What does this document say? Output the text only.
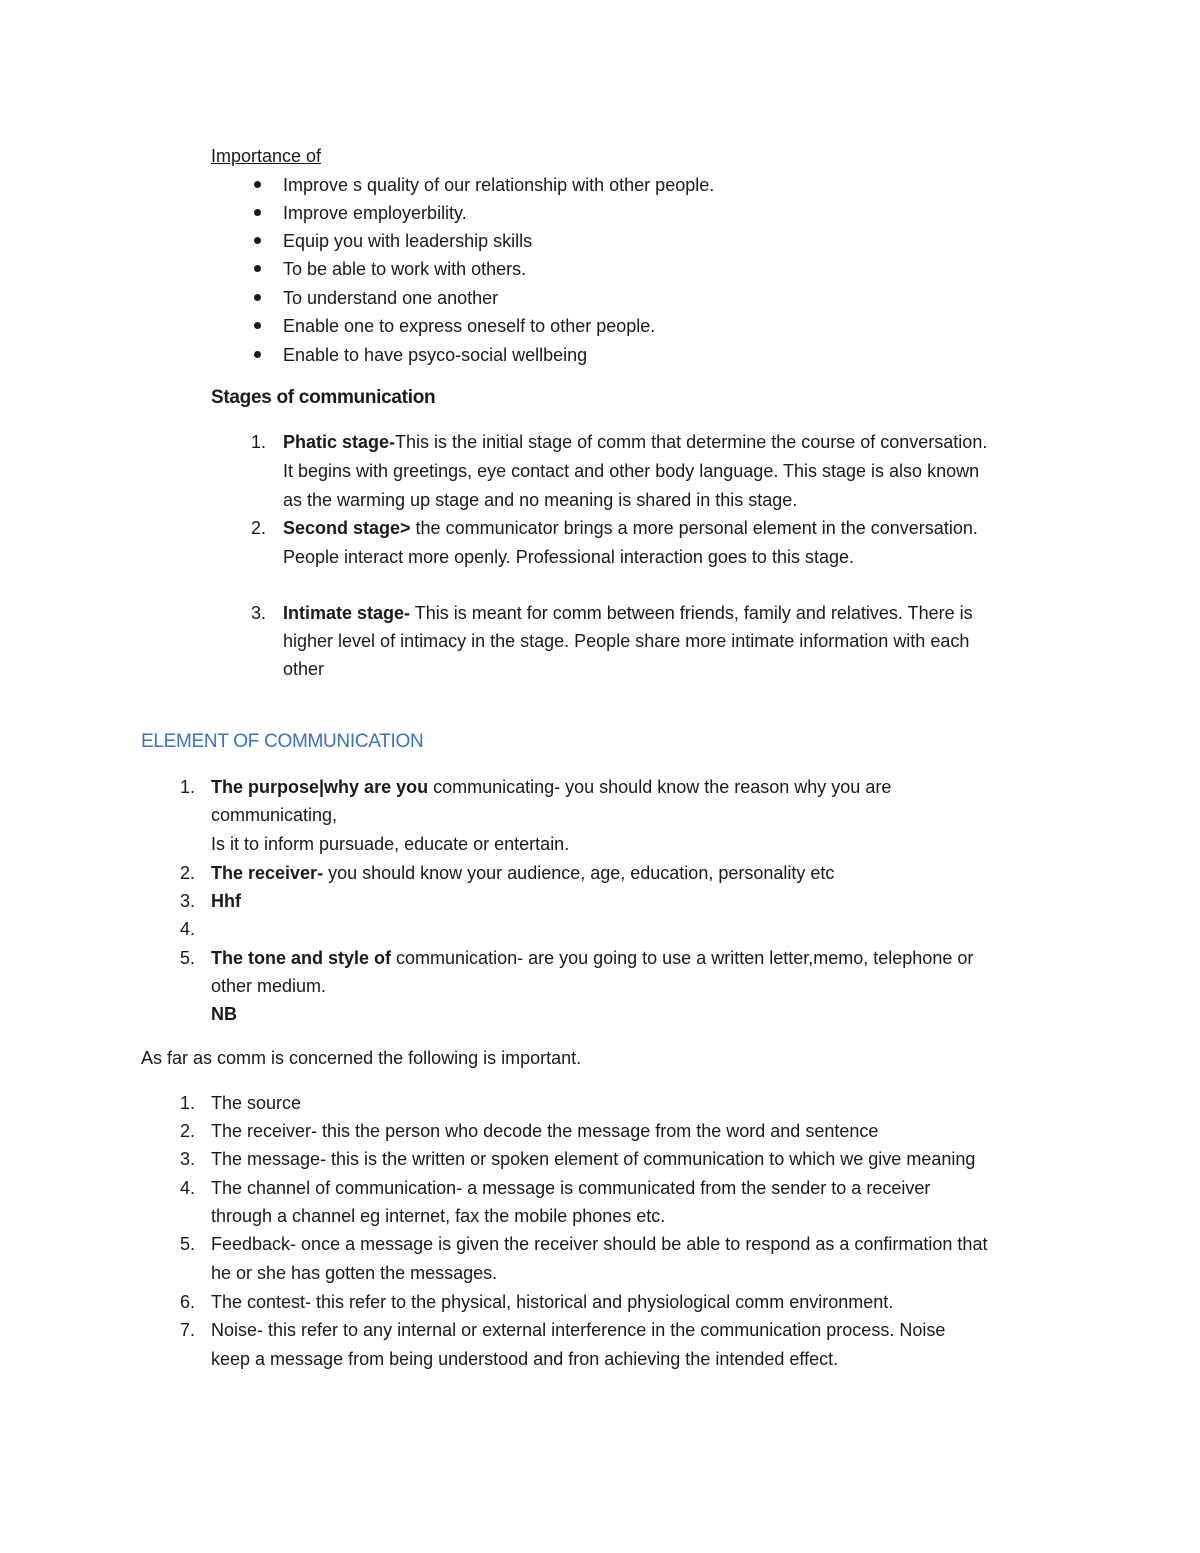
Importance of
Improve s quality of our relationship with other people.
Improve employerbility.
Equip you with leadership skills
To be able to work with others.
To understand one another
Enable one to express oneself to other people.
Enable to have psyco-social wellbeing
Stages of communication
1. Phatic stage-This is the initial stage of comm that determine the course of conversation.
It begins with greetings, eye contact and other body language. This stage is also known
as the warming up stage and no meaning is shared in this stage.
2. Second stage> the communicator brings a more personal element in the conversation.
People interact more openly. Professional interaction goes to this stage.
3. Intimate stage- This is meant for comm between friends, family and relatives. There is
higher level of intimacy in the stage. People share more intimate information with each
other
ELEMENT OF COMMUNICATION
1. The purpose|why are you communicating- you should know the reason why you are
communicating,
Is it to inform pursuade, educate or entertain.
2. The receiver- you should know your audience, age, education, personality etc
3. Hhf
4.
5. The tone and style of communication- are you going to use a written letter,memo, telephone or
other medium.
NB
As far as comm is concerned the following is important.
1. The source
2. The receiver- this the person who decode the message from the word and sentence
3. The message- this is the written or spoken element of communication to which we give meaning
4. The channel of communication- a message is communicated from the sender to a receiver
through a channel eg internet, fax the mobile phones etc.
5. Feedback- once a message is given the receiver should be able to respond as a confirmation that
he or she has gotten the messages.
6. The contest- this refer to the physical, historical and physiological comm environment.
7. Noise- this refer to any internal or external interference in the communication process. Noise
keep a message from being understood and fron achieving the intended effect.
